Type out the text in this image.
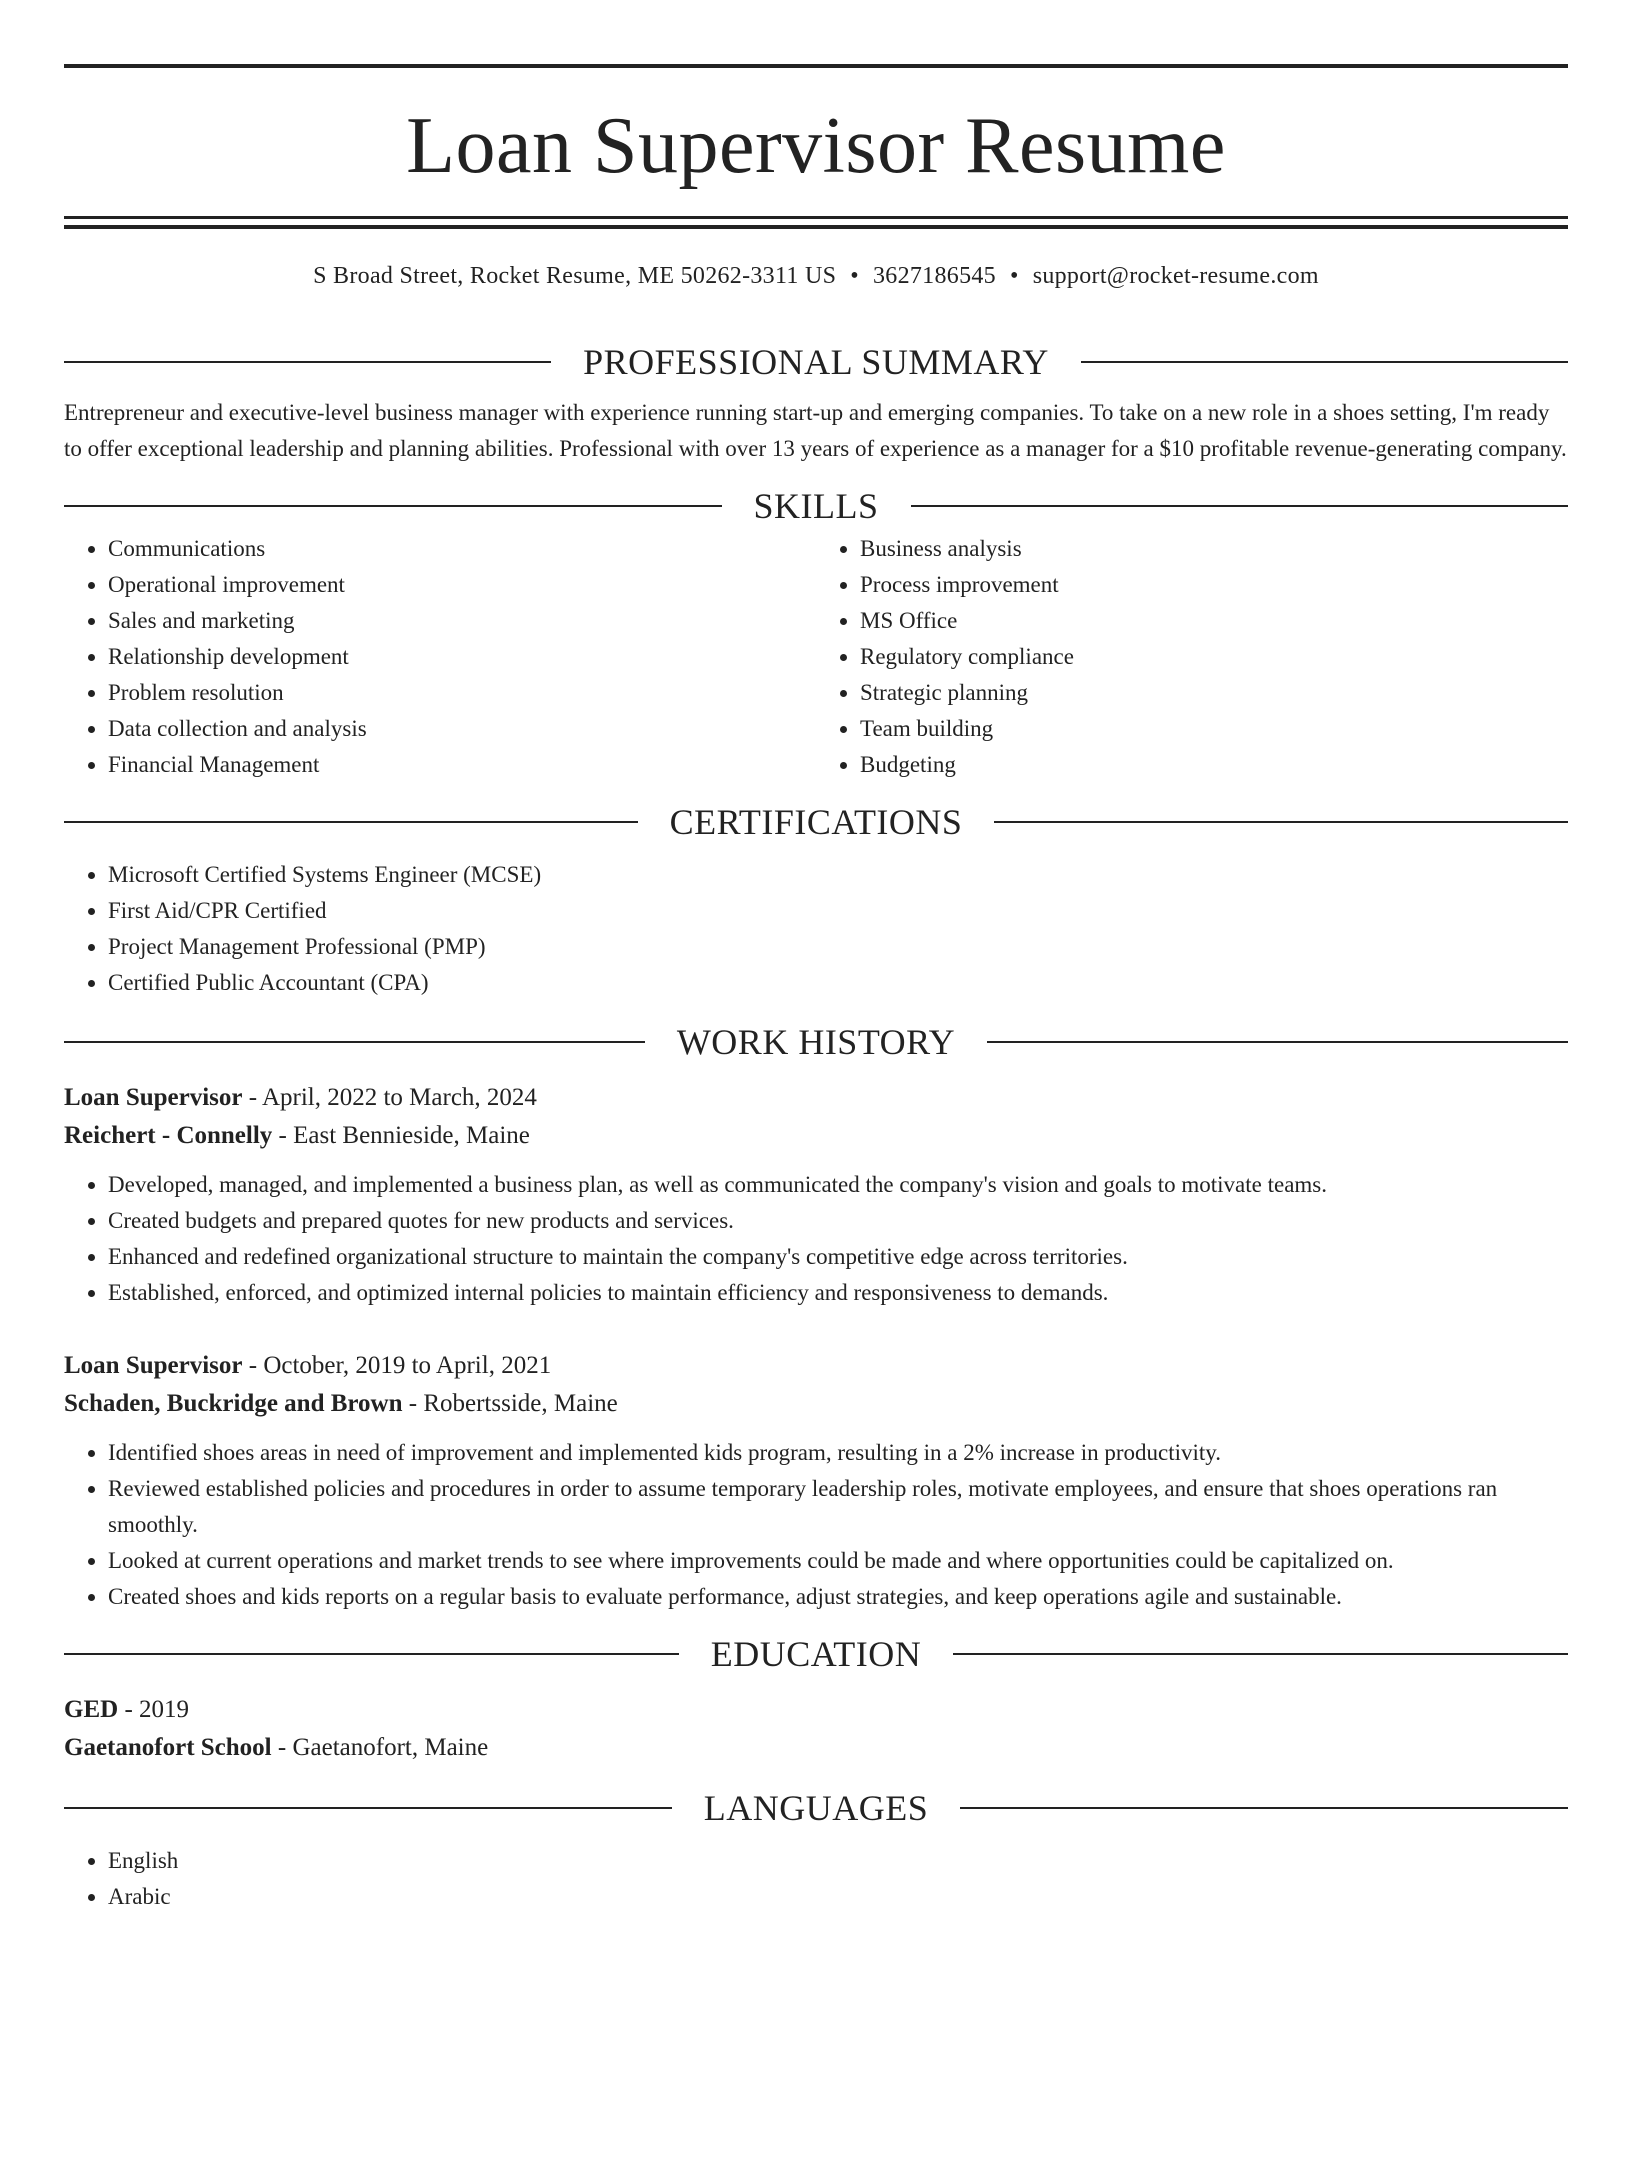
Loan Supervisor Resume
S Broad Street, Rocket Resume, ME 50262-3311 US • 3627186545 • support@rocket-resume.com
PROFESSIONAL SUMMARY
Entrepreneur and executive-level business manager with experience running start-up and emerging companies. To take on a new role in a shoes setting, I'm ready to offer exceptional leadership and planning abilities. Professional with over 13 years of experience as a manager for a $10 profitable revenue-generating company.
SKILLS
• Communications
• Operational improvement
• Sales and marketing
• Relationship development
• Problem resolution
• Data collection and analysis
• Financial Management
• Business analysis
• Process improvement
• MS Office
• Regulatory compliance
• Strategic planning
• Team building
• Budgeting
CERTIFICATIONS
• Microsoft Certified Systems Engineer (MCSE)
• First Aid/CPR Certified
• Project Management Professional (PMP)
• Certified Public Accountant (CPA)
WORK HISTORY
Loan Supervisor - April, 2022 to March, 2024
Reichert - Connelly - East Bennieside, Maine
• Developed, managed, and implemented a business plan, as well as communicated the company's vision and goals to motivate teams.
• Created budgets and prepared quotes for new products and services.
• Enhanced and redefined organizational structure to maintain the company's competitive edge across territories.
• Established, enforced, and optimized internal policies to maintain efficiency and responsiveness to demands.
Loan Supervisor - October, 2019 to April, 2021
Schaden, Buckridge and Brown - Robertsside, Maine
• Identified shoes areas in need of improvement and implemented kids program, resulting in a 2% increase in productivity.
• Reviewed established policies and procedures in order to assume temporary leadership roles, motivate employees, and ensure that shoes operations ran smoothly.
• Looked at current operations and market trends to see where improvements could be made and where opportunities could be capitalized on.
• Created shoes and kids reports on a regular basis to evaluate performance, adjust strategies, and keep operations agile and sustainable.
EDUCATION
GED - 2019
Gaetanofort School - Gaetanofort, Maine
LANGUAGES
• English
• Arabic
